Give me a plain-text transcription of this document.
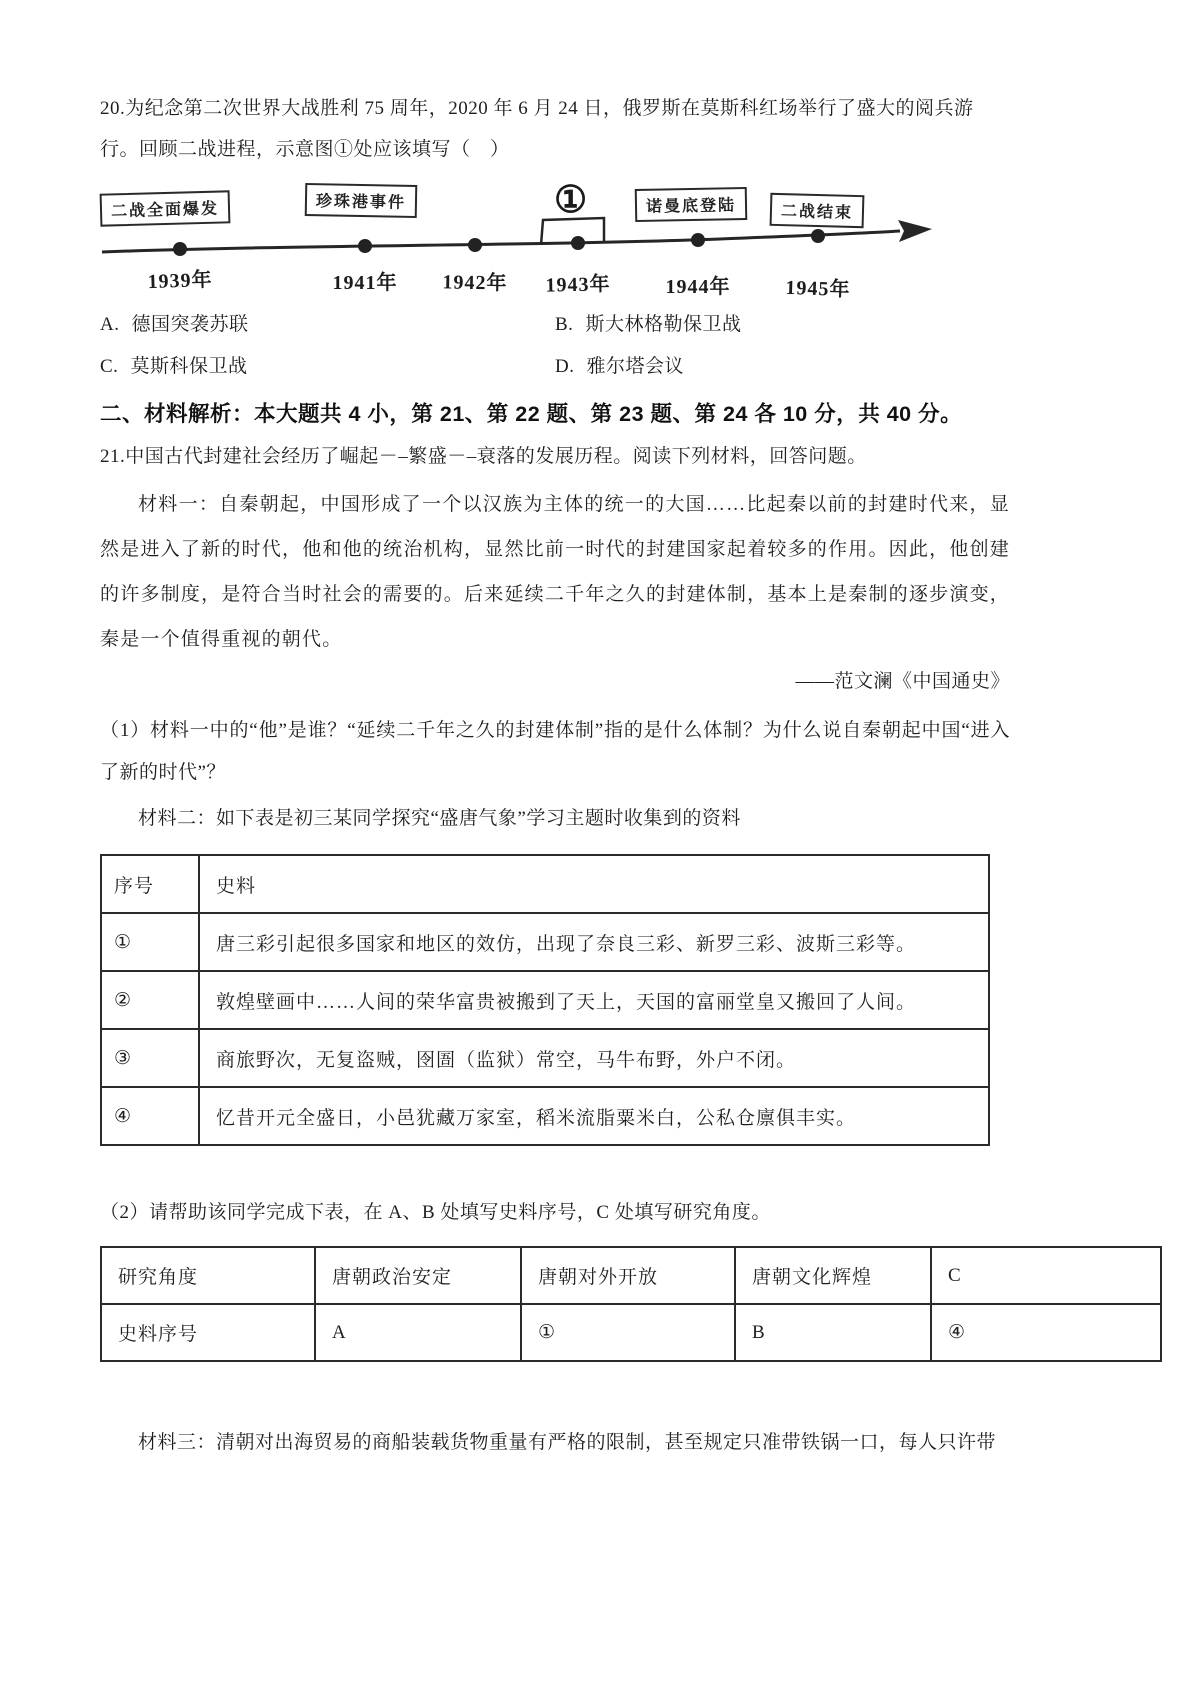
20.为纪念第二次世界大战胜利 75 周年，2020 年 6 月 24 日，俄罗斯在莫斯科红场举行了盛大的阅兵游行。回顾二战进程，示意图①处应该填写（　）

二战全面爆发	珍珠港事件	①	诺曼底登陆	二战结束
1939年	1941年	1942年	1943年	1944年	1945年
A. 德国突袭苏联	B. 斯大林格勒保卫战
C. 莫斯科保卫战	D. 雅尔塔会议
二、材料解析：本大题共 4 小，第 21、第 22 题、第 23 题、第 24 各 10 分，共 40 分。

21.中国古代封建社会经历了崛起－–繁盛－–衰落的发展历程。阅读下列材料，回答问题。

材料一：自秦朝起，中国形成了一个以汉族为主体的统一的大国……比起秦以前的封建时代来，显然是进入了新的时代，他和他的统治机构，显然比前一时代的封建国家起着较多的作用。因此，他创建的许多制度，是符合当时社会的需要的。后来延续二千年之久的封建体制，基本上是秦制的逐步演变，秦是一个值得重视的朝代。

——范文澜《中国通史》

（1）材料一中的“他”是谁？“延续二千年之久的封建体制”指的是什么体制？为什么说自秦朝起中国“进入了新的时代”？

材料二：如下表是初三某同学探究“盛唐气象”学习主题时收集到的资料

序号	史料
①	唐三彩引起很多国家和地区的效仿，出现了奈良三彩、新罗三彩、波斯三彩等。
②	敦煌壁画中……人间的荣华富贵被搬到了天上，天国的富丽堂皇又搬回了人间。
③	商旅野次，无复盗贼，囹圄（监狱）常空，马牛布野，外户不闭。
④	忆昔开元全盛日，小邑犹藏万家室，稻米流脂粟米白，公私仓廪俱丰实。

（2）请帮助该同学完成下表，在 A、B 处填写史料序号，C 处填写研究角度。

研究角度	唐朝政治安定	唐朝对外开放	唐朝文化辉煌	C
史料序号	A	①	B	④

材料三：清朝对出海贸易的商船装载货物重量有严格的限制，甚至规定只准带铁锅一口，每人只许带
